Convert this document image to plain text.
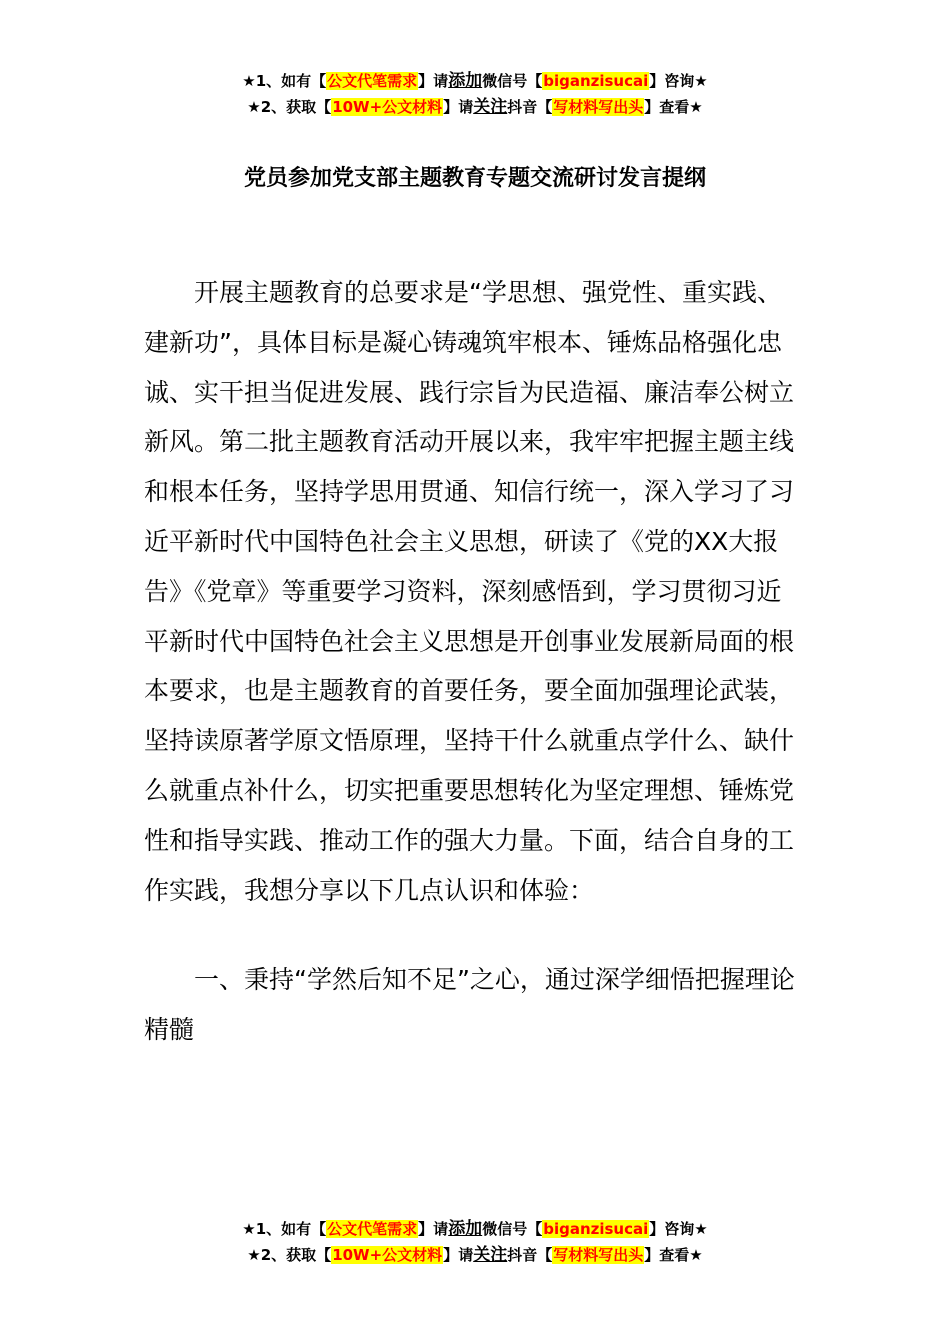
★1、如有【公文代笔需求】请添加微信号【biganzisucai】咨询★
★2、获取【10W+公文材料】请关注抖音【写材料写出头】查看★
党员参加党支部主题教育专题交流研讨发言提纲

开展主题教育的总要求是“学思想、强党性、重实践、建新功”，具体目标是凝心铸魂筑牢根本、锤炼品格强化忠诚、实干担当促进发展、践行宗旨为民造福、廉洁奉公树立新风。第二批主题教育活动开展以来，我牢牢把握主题主线和根本任务，坚持学思用贯通、知信行统一，深入学习了习近平新时代中国特色社会主义思想，研读了《党的XX大报告》《党章》等重要学习资料，深刻感悟到，学习贯彻习近平新时代中国特色社会主义思想是开创事业发展新局面的根本要求，也是主题教育的首要任务，要全面加强理论武装，坚持读原著学原文悟原理，坚持干什么就重点学什么、缺什么就重点补什么，切实把重要思想转化为坚定理想、锤炼党性和指导实践、推动工作的强大力量。下面，结合自身的工作实践，我想分享以下几点认识和体验：

一、秉持“学然后知不足”之心，通过深学细悟把握理论精髓

★1、如有【公文代笔需求】请添加微信号【biganzisucai】咨询★
★2、获取【10W+公文材料】请关注抖音【写材料写出头】查看★
